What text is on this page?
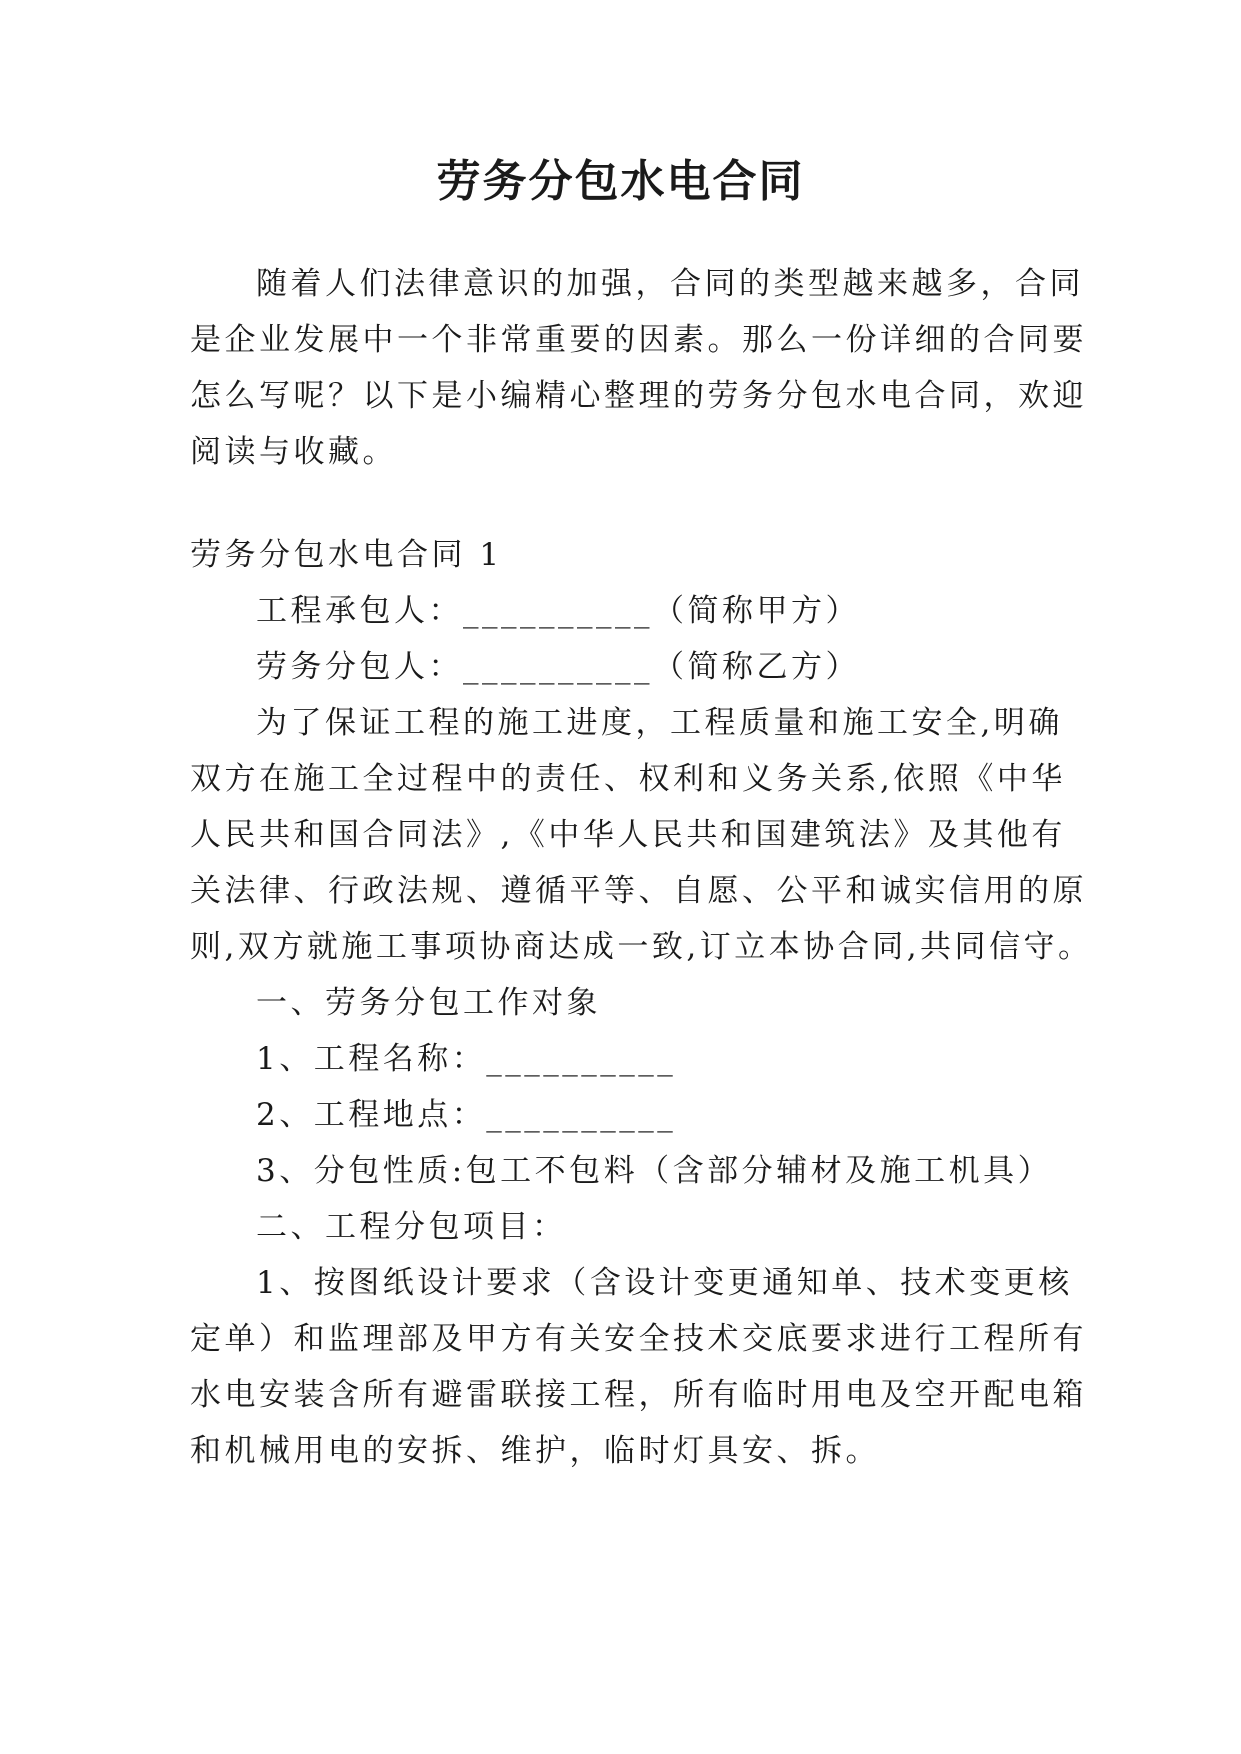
劳务分包水电合同

随着人们法律意识的加强，合同的类型越来越多，合同

是企业发展中一个非常重要的因素。那么一份详细的合同要

怎么写呢？以下是小编精心整理的劳务分包水电合同，欢迎

阅读与收藏。

劳务分包水电合同 1

工程承包人：__________（简称甲方）

劳务分包人：__________（简称乙方）

为了保证工程的施工进度，工程质量和施工安全,明确

双方在施工全过程中的责任、权利和义务关系,依照《中华

人民共和国合同法》,《中华人民共和国建筑法》及其他有

关法律、行政法规、遵循平等、自愿、公平和诚实信用的原

则,双方就施工事项协商达成一致,订立本协合同,共同信守。

一、劳务分包工作对象

1、工程名称：__________

2、工程地点：__________

3、分包性质:包工不包料（含部分辅材及施工机具）

二、工程分包项目：

1、按图纸设计要求（含设计变更通知单、技术变更核

定单）和监理部及甲方有关安全技术交底要求进行工程所有

水电安装含所有避雷联接工程，所有临时用电及空开配电箱

和机械用电的安拆、维护，临时灯具安、拆。
